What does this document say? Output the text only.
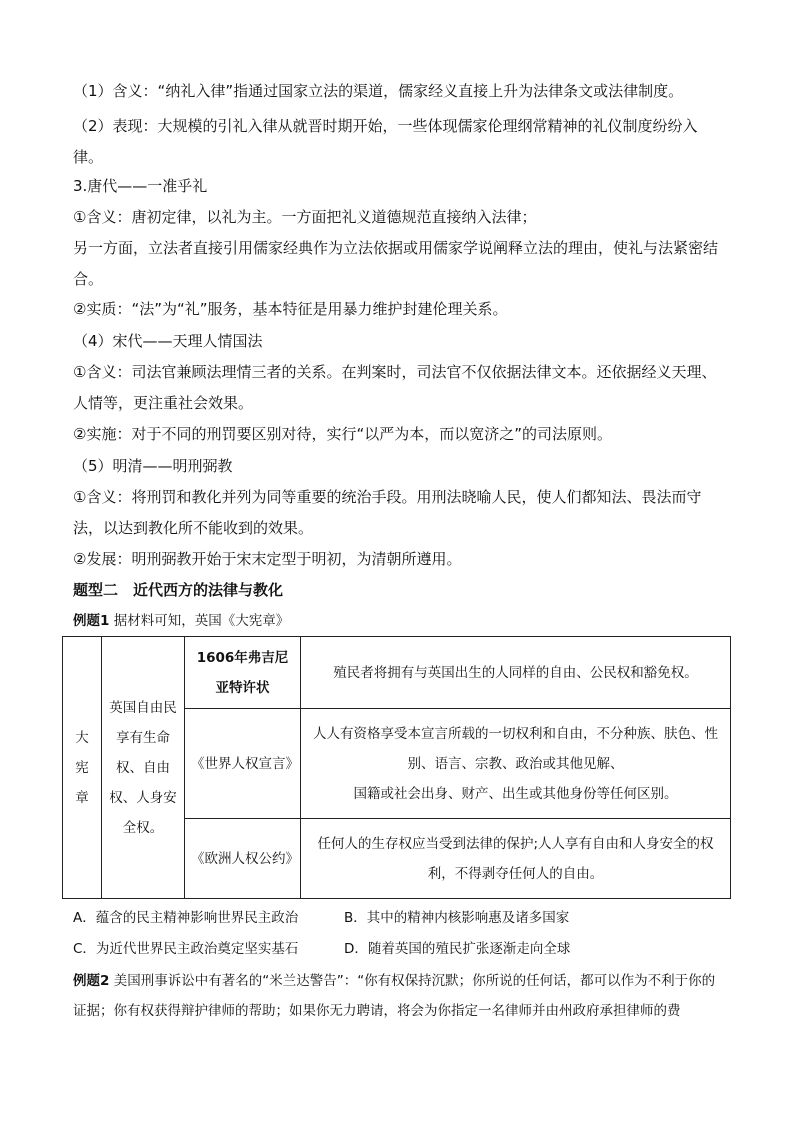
（1）含义：“纳礼入律”指通过国家立法的渠道，儒家经义直接上升为法律条文或法律制度。

（2）表现：大规模的引礼入律从就晋时期开始，一些体现儒家伦理纲常精神的礼仪制度纷纷入律。

3.唐代——一准乎礼

①含义：唐初定律，以礼为主。一方面把礼义道德规范直接纳入法律；

另一方面，立法者直接引用儒家经典作为立法依据或用儒家学说阐释立法的理由，使礼与法紧密结合。

②实质：“法”为“礼”服务，基本特征是用暴力维护封建伦理关系。

（4）宋代——天理人情国法

①含义：司法官兼顾法理情三者的关系。在判案时，司法官不仅依据法律文本。还依据经义天理、人情等，更注重社会效果。

②实施：对于不同的刑罚要区别对待，实行“以严为本，而以宽济之”的司法原则。

（5）明清——明刑弼教

①含义：将刑罚和教化并列为同等重要的统治手段。用刑法晓喻人民，使人们都知法、畏法而守法，以达到教化所不能收到的效果。

②发展：明刑弼教开始于宋末定型于明初，为清朝所遵用。

题型二　近代西方的法律与教化

例题1 据材料可知，英国《大宪章》

大宪章	英国自由民享有生命权、自由权、人身安全权。	1606年弗吉尼亚特许状	殖民者将拥有与英国出生的人同样的自由、公民权和豁免权。
		《世界人权宣言》	人人有资格享受本宣言所载的一切权利和自由，不分种族、肤色、性别、语言、宗教、政治或其他见解、
国籍或社会出身、财产、出生或其他身份等任何区别。

		《欧洲人权公约》	任何人的生存权应当受到法律的保护;人人享有自由和人身安全的权利，不得剥夺任何人的自由。

A．蕴含的民主精神影响世界民主政治	B．其中的精神内核影响惠及诸多国家

C．为近代世界民主政治奠定坚实基石	D．随着英国的殖民扩张逐渐走向全球

例题2 美国刑事诉讼中有著名的“米兰达警告”：“你有权保持沉默；你所说的任何话，都可以作为不利于你的证据；你有权获得辩护律师的帮助；如果你无力聘请，将会为你指定一名律师并由州政府承担律师的费
